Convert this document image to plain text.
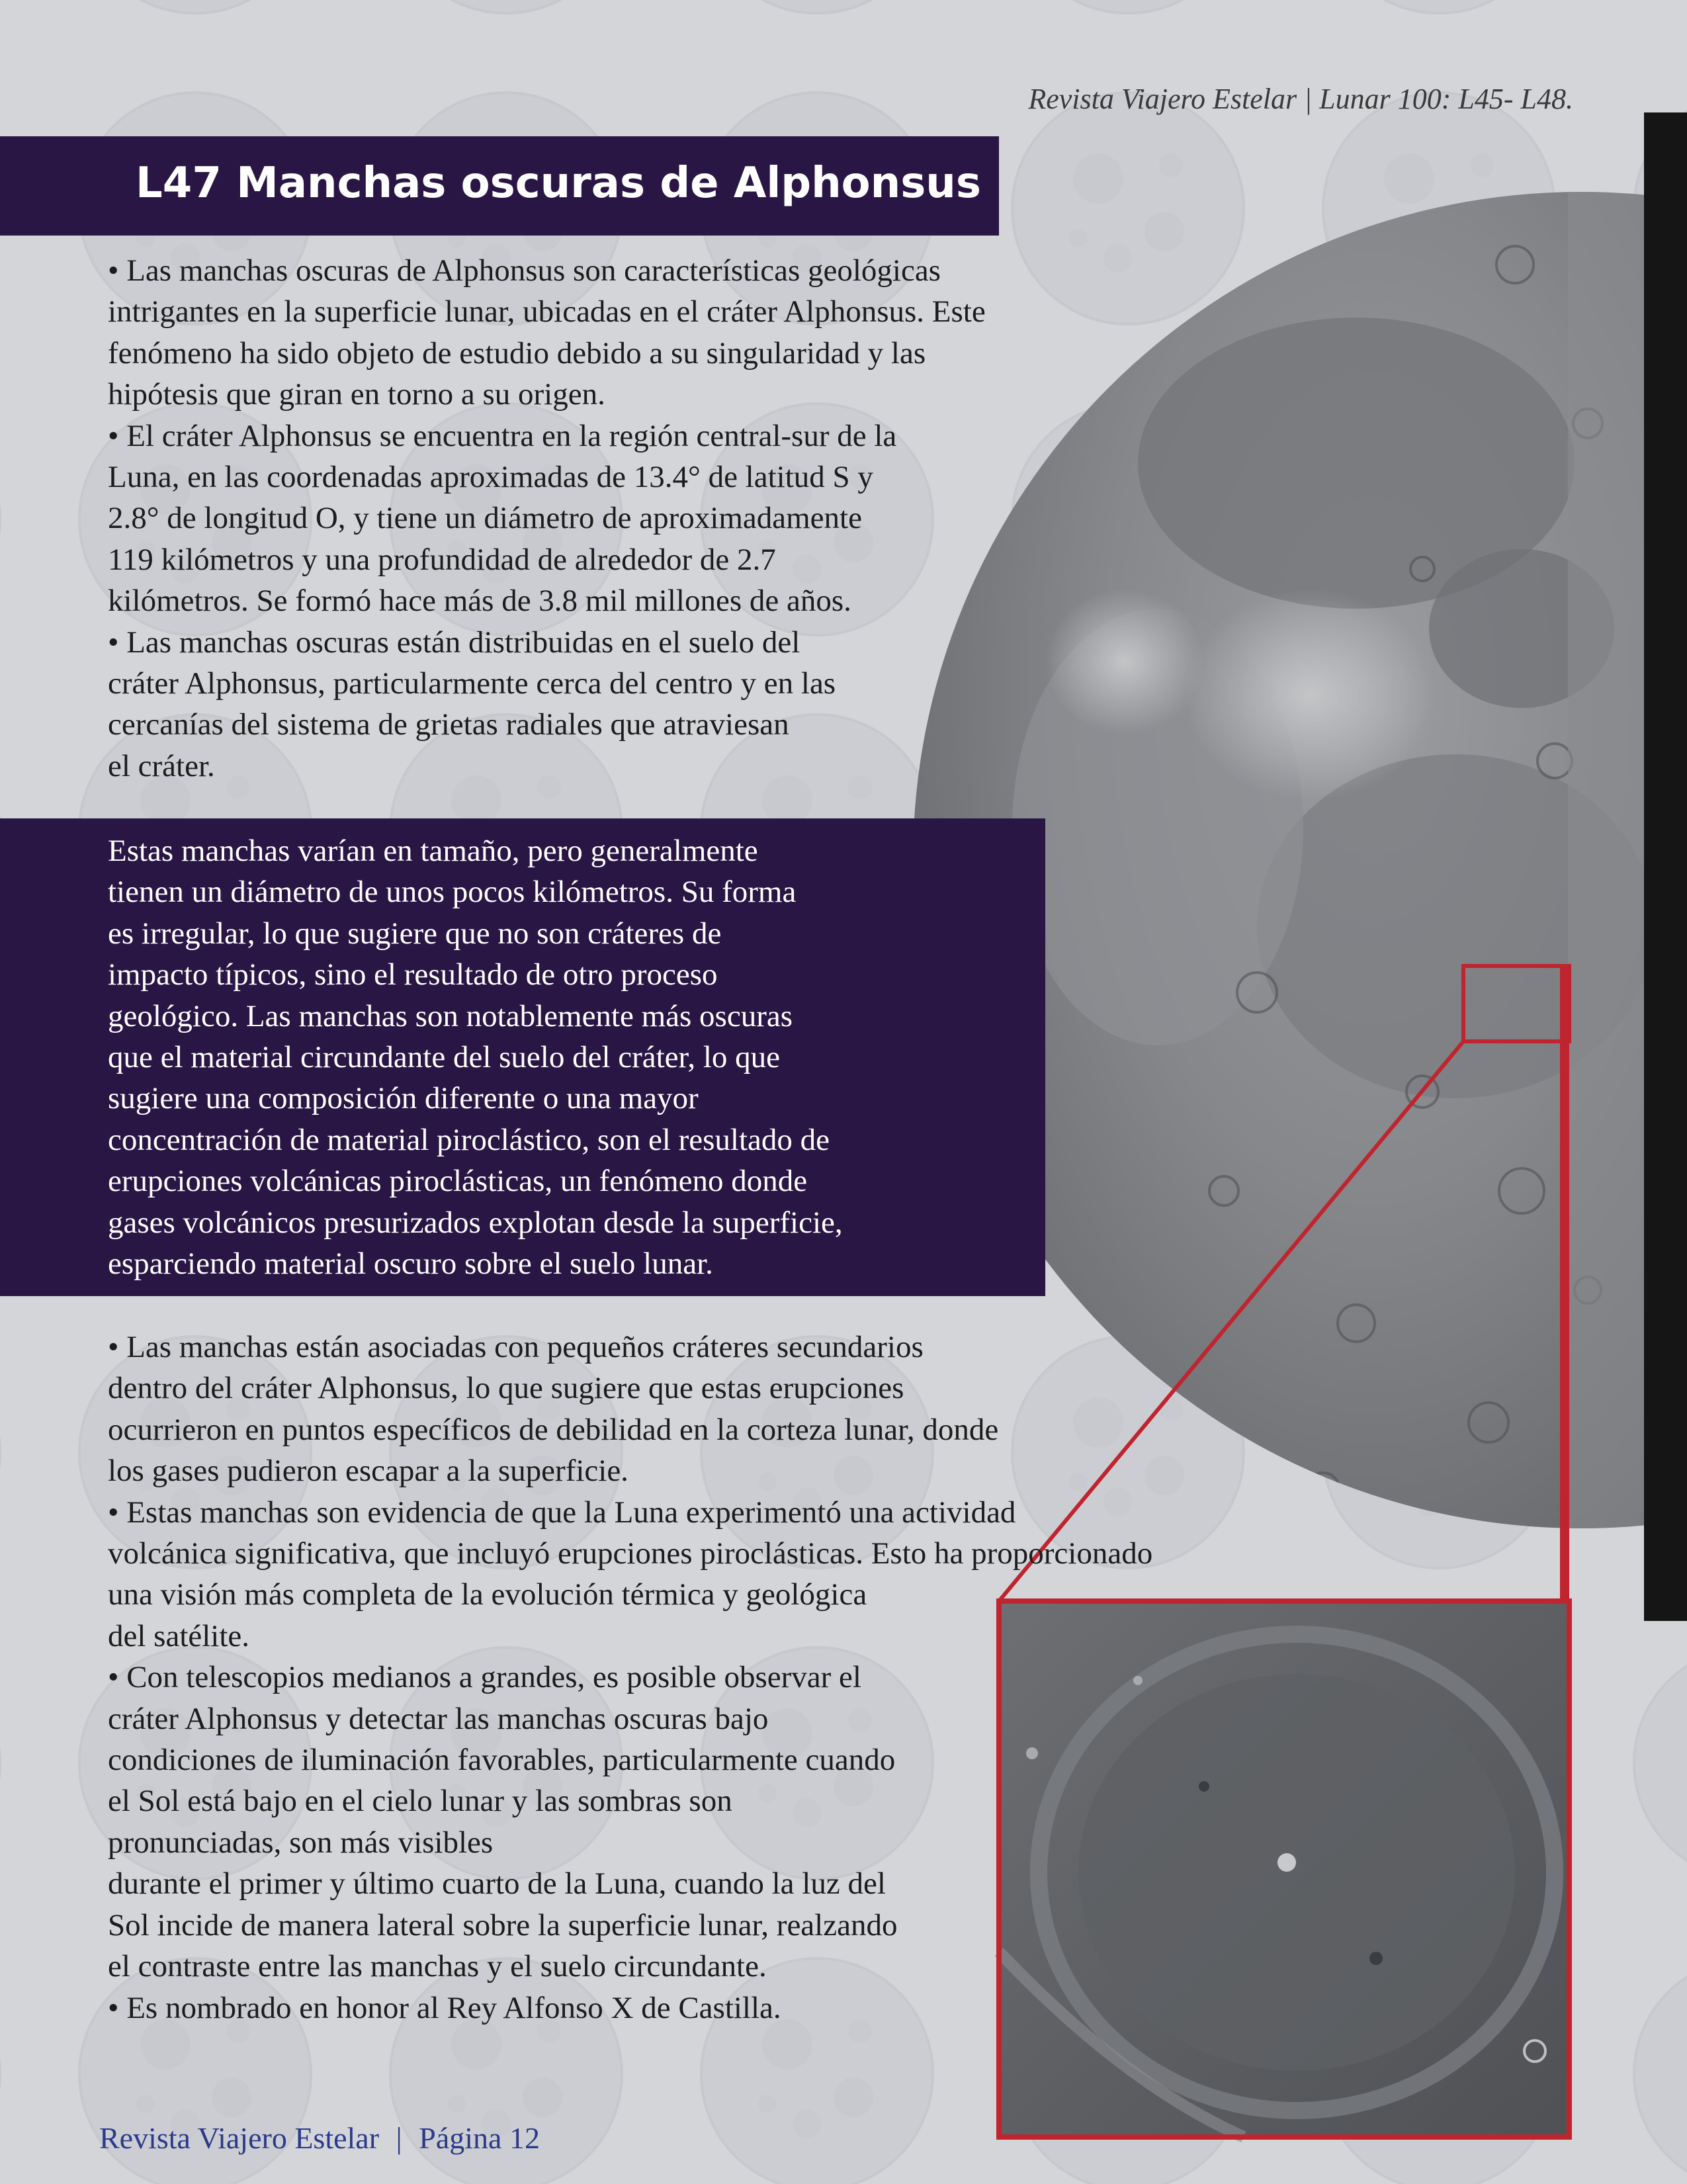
Revista Viajero Estelar | Lunar 100: L45- L48.
L47 Manchas oscuras de Alphonsus

• Las manchas oscuras de Alphonsus son características geológicas
intrigantes en la superficie lunar, ubicadas en el cráter Alphonsus. Este
fenómeno ha sido objeto de estudio debido a su singularidad y las
hipótesis que giran en torno a su origen.
• El cráter Alphonsus se encuentra en la región central-sur de la
Luna, en las coordenadas aproximadas de 13.4° de latitud S y
2.8° de longitud O, y tiene un diámetro de aproximadamente
119 kilómetros y una profundidad de alrededor de 2.7
kilómetros. Se formó hace más de 3.8 mil millones de años.
• Las manchas oscuras están distribuidas en el suelo del
cráter Alphonsus, particularmente cerca del centro y en las
cercanías del sistema de grietas radiales que atraviesan
el cráter.

Estas manchas varían en tamaño, pero generalmente
tienen un diámetro de unos pocos kilómetros. Su forma
es irregular, lo que sugiere que no son cráteres de
impacto típicos, sino el resultado de otro proceso
geológico. Las manchas son notablemente más oscuras
que el material circundante del suelo del cráter, lo que
sugiere una composición diferente o una mayor
concentración de material piroclástico, son el resultado de
erupciones volcánicas piroclásticas, un fenómeno donde
gases volcánicos presurizados explotan desde la superficie,
esparciendo material oscuro sobre el suelo lunar.

• Las manchas están asociadas con pequeños cráteres secundarios
dentro del cráter Alphonsus, lo que sugiere que estas erupciones
ocurrieron en puntos específicos de debilidad en la corteza lunar, donde
los gases pudieron escapar a la superficie.
• Estas manchas son evidencia de que la Luna experimentó una actividad
volcánica significativa, que incluyó erupciones piroclásticas. Esto ha proporcionado
una visión más completa de la evolución térmica y geológica
del satélite.
• Con telescopios medianos a grandes, es posible observar el
cráter Alphonsus y detectar las manchas oscuras bajo
condiciones de iluminación favorables, particularmente cuando
el Sol está bajo en el cielo lunar y las sombras son
pronunciadas, son más visibles
durante el primer y último cuarto de la Luna, cuando la luz del
Sol incide de manera lateral sobre la superficie lunar, realzando
el contraste entre las manchas y el suelo circundante.
• Es nombrado en honor al Rey Alfonso X de Castilla.

Revista Viajero Estelar | Página 12
